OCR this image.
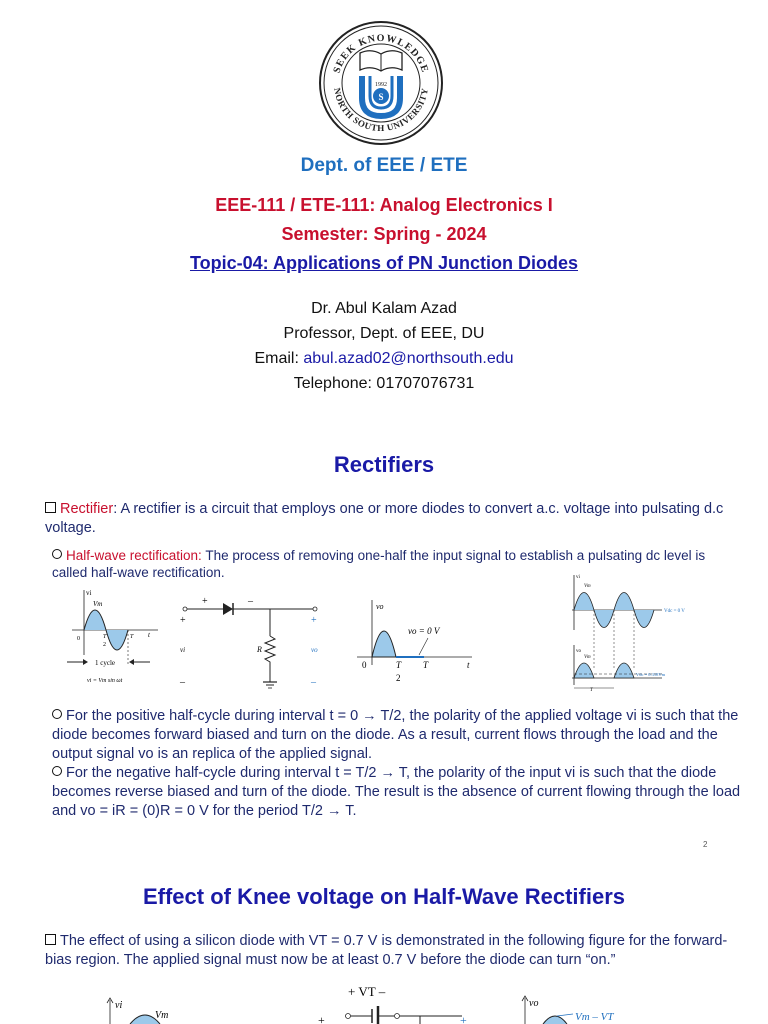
SEEK KNOWLEDGE
NORTH SOUTH UNIVERSITY
S
1992
Dept. of EEE / ETE
EEE-111 / ETE-111: Analog Electronics I
Semester: Spring - 2024
Topic-04: Applications of PN Junction Diodes
Dr. Abul Kalam Azad
Professor, Dept. of EEE, DU
Email: abul.azad02@northsouth.edu
Telephone: 01707076731
Rectifiers
Rectifier: A rectifier is a circuit that employs one or more diodes to convert a.c. voltage into pulsating d.c voltage.
Half-wave rectification: The process of removing one-half the input signal to establish a pulsating dc level is called half-wave rectification.
vi
Vm
0	t
T
2
T
1 cycle
vi = Vm sin ωt
+	–
+
–
vi	R
+
vo
–
vo
vo = 0 V
0	T
2
T	t
vi
Vm
Vdc = 0 V
vo
Vm
Vdc = 0.318Vm
T
For the positive half-cycle during interval t = 0 → T/2, the polarity of the applied voltage vi is such that the diode becomes forward biased and turn on the diode. As a result, current flows through the load and the output signal vo is an replica of the applied signal.
For the negative half-cycle during interval t = T/2 → T, the polarity of the input vi is such that the diode becomes reverse biased and turn of the diode. The result is the absence of current flowing through the load and vo = iR = (0)R = 0 V for the period T/2 → T.
2
Effect of Knee voltage on Half-Wave Rectifiers
The effect of using a silicon diode with VT = 0.7 V is demonstrated in the following figure for the forward-bias region. The applied signal must now be at least 0.7 V before the diode can turn “on.”
vi
Vm
+ VT –
+	+
vo
Vm – VT
